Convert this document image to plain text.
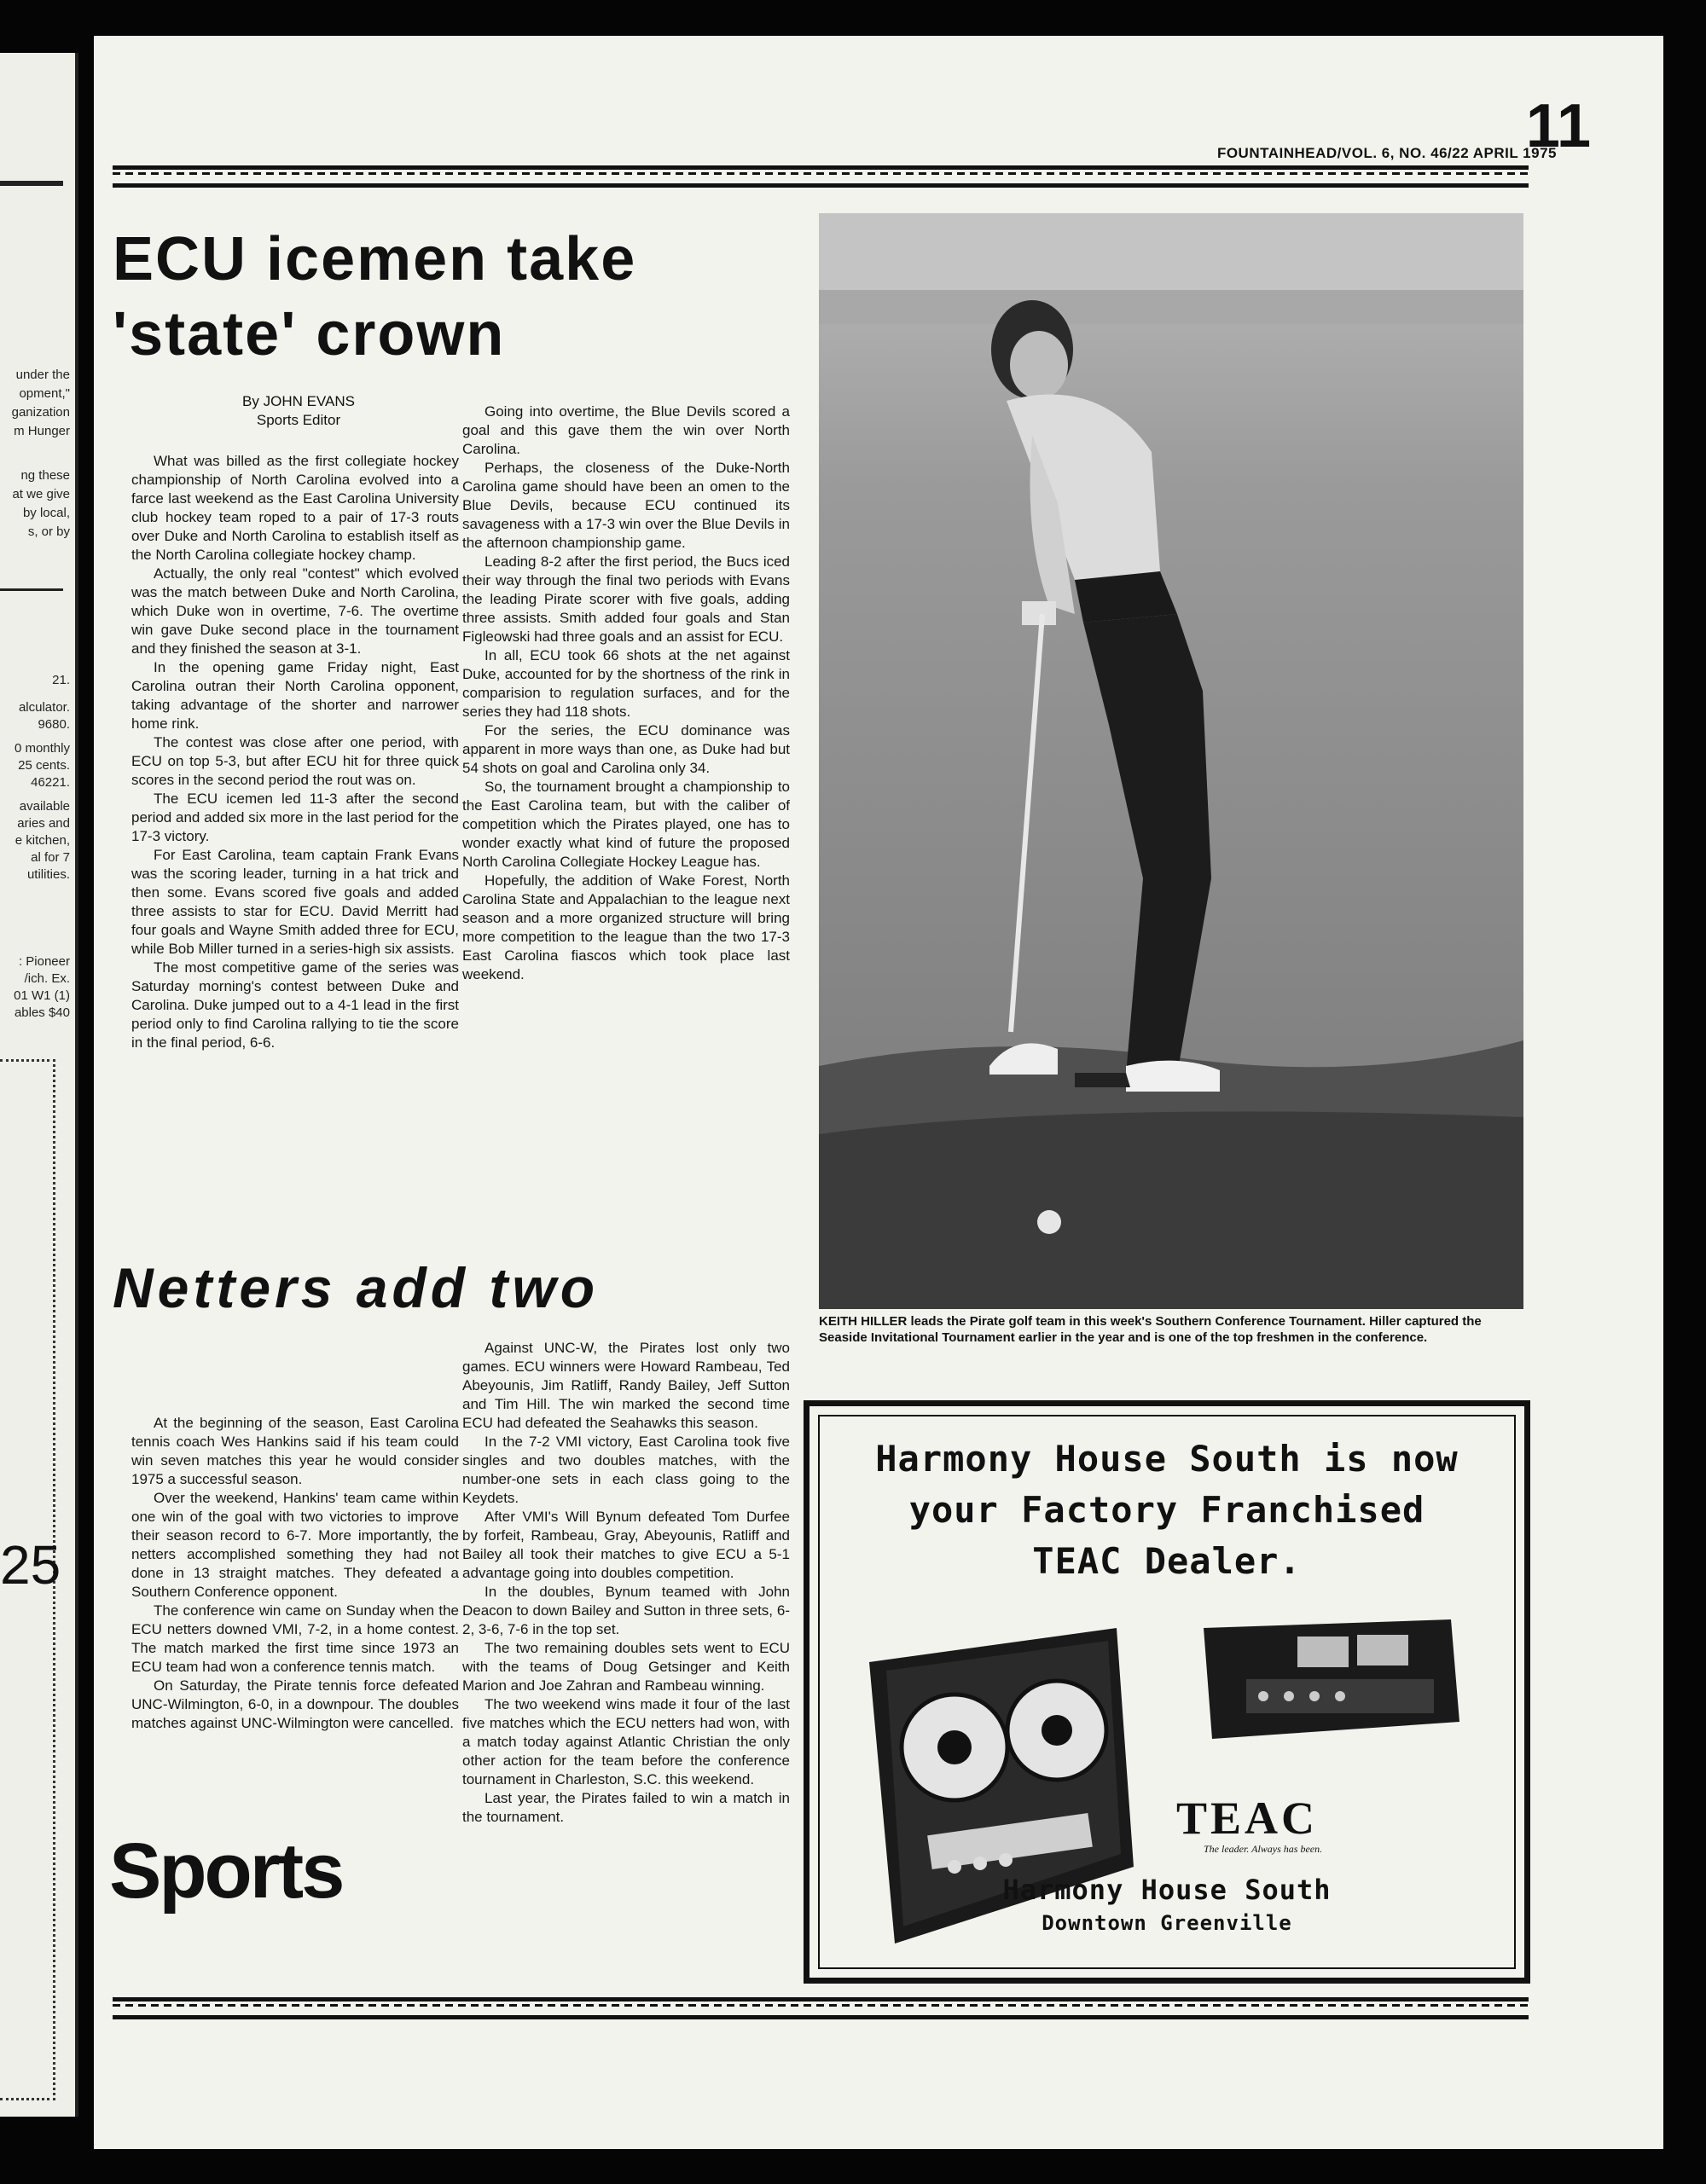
under the
opment,"
ganization
m Hunger
ng these
at we give
by local,
s, or by
21.
alculator.
9680.
0 monthly
25 cents.
46221.
available
aries and
e kitchen,
al for 7
utilities.
: Pioneer
/ich. Ex.
01 W1 (1)
ables $40
25
11
FOUNTAINHEAD/VOL. 6, NO. 46/22 APRIL 1975
ECU icemen take 'state' crown
By JOHN EVANS
Sports Editor

What was billed as the first collegiate hockey championship of North Carolina evolved into a farce last weekend as the East Carolina University club hockey team roped to a pair of 17-3 routs over Duke and North Carolina to establish itself as the North Carolina collegiate hockey champ.

Actually, the only real "contest" which evolved was the match between Duke and North Carolina, which Duke won in overtime, 7-6. The overtime win gave Duke second place in the tournament and they finished the season at 3-1.

In the opening game Friday night, East Carolina outran their North Carolina opponent, taking advantage of the shorter and narrower home rink.

The contest was close after one period, with ECU on top 5-3, but after ECU hit for three quick scores in the second period the rout was on.

The ECU icemen led 11-3 after the second period and added six more in the last period for the 17-3 victory.

For East Carolina, team captain Frank Evans was the scoring leader, turning in a hat trick and then some. Evans scored five goals and added three assists to star for ECU. David Merritt had four goals and Wayne Smith added three for ECU, while Bob Miller turned in a series-high six assists.

The most competitive game of the series was Saturday morning's contest between Duke and Carolina. Duke jumped out to a 4-1 lead in the first period only to find Carolina rallying to tie the score in the final period, 6-6.

Going into overtime, the Blue Devils scored a goal and this gave them the win over North Carolina.

Perhaps, the closeness of the Duke-North Carolina game should have been an omen to the Blue Devils, because ECU continued its savageness with a 17-3 win over the Blue Devils in the afternoon championship game.

Leading 8-2 after the first period, the Bucs iced their way through the final two periods with Evans the leading Pirate scorer with five goals, adding three assists. Smith added four goals and Stan Figleowski had three goals and an assist for ECU.

In all, ECU took 66 shots at the net against Duke, accounted for by the shortness of the rink in comparision to regulation surfaces, and for the series they had 118 shots.

For the series, the ECU dominance was apparent in more ways than one, as Duke had but 54 shots on goal and Carolina only 34.

So, the tournament brought a championship to the East Carolina team, but with the caliber of competition which the Pirates played, one has to wonder exactly what kind of future the proposed North Carolina Collegiate Hockey League has.

Hopefully, the addition of Wake Forest, North Carolina State and Appalachian to the league next season and a more organized structure will bring more competition to the league than the two 17-3 East Carolina fiascos which took place last weekend.

KEITH HILLER leads the Pirate golf team in this week's Southern Conference Tournament. Hiller captured the Seaside Invitational Tournament earlier in the year and is one of the top freshmen in the conference.
Netters add two

At the beginning of the season, East Carolina tennis coach Wes Hankins said if his team could win seven matches this year he would consider 1975 a successful season.

Over the weekend, Hankins' team came within one win of the goal with two victories to improve their season record to 6-7. More importantly, the netters accomplished something they had not done in 13 straight matches. They defeated a Southern Conference opponent.

The conference win came on Sunday when the ECU netters downed VMI, 7-2, in a home contest. The match marked the first time since 1973 an ECU team had won a conference tennis match.

On Saturday, the Pirate tennis force defeated UNC-Wilmington, 6-0, in a downpour. The doubles matches against UNC-Wilmington were cancelled.

Against UNC-W, the Pirates lost only two games. ECU winners were Howard Rambeau, Ted Abeyounis, Jim Ratliff, Randy Bailey, Jeff Sutton and Tim Hill. The win marked the second time ECU had defeated the Seahawks this season.

In the 7-2 VMI victory, East Carolina took five singles and two doubles matches, with the number-one sets in each class going to the Keydets.

After VMI's Will Bynum defeated Tom Durfee by forfeit, Rambeau, Gray, Abeyounis, Ratliff and Bailey all took their matches to give ECU a 5-1 advantage going into doubles competition.

In the doubles, Bynum teamed with John Deacon to down Bailey and Sutton in three sets, 6-2, 3-6, 7-6 in the top set.

The two remaining doubles sets went to ECU with the teams of Doug Getsinger and Keith Marion and Joe Zahran and Rambeau winning.

The two weekend wins made it four of the last five matches which the ECU netters had won, with a match today against Atlantic Christian the only other action for the team before the conference tournament in Charleston, S.C. this weekend.

Last year, the Pirates failed to win a match in the tournament.

Sports
Harmony House South is now
your Factory Franchised
TEAC Dealer.
TEAC
The leader. Always has been.
Harmony House South
Downtown Greenville
